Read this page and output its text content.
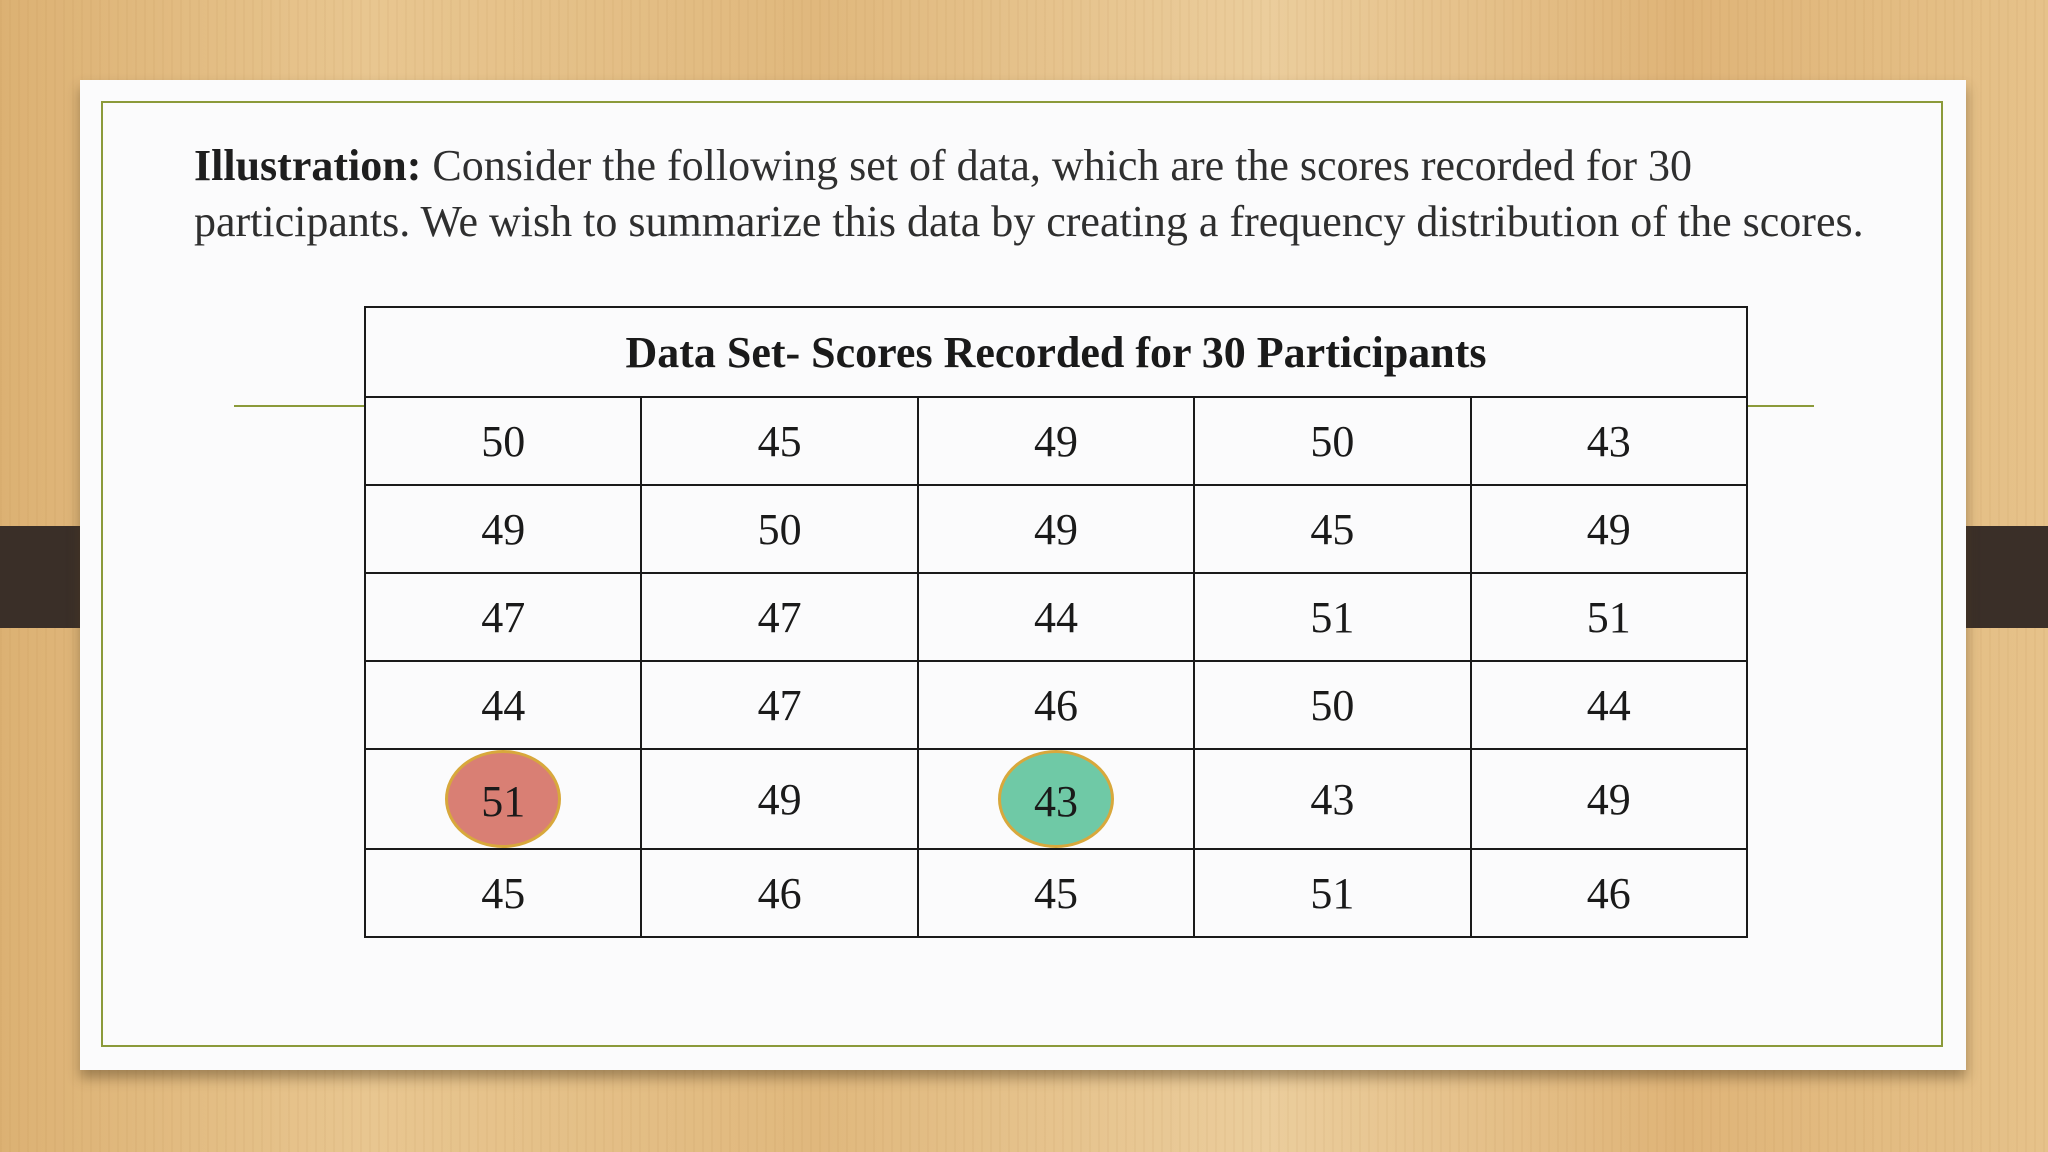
Illustration: Consider the following set of data, which are the scores recorded for 30 participants. We wish to summarize this data by creating a frequency distribution of the scores.
Data Set- Scores Recorded for 30 Participants				
50	45	49	50	43
49	50	49	45	49
47	47	44	51	51
44	47	46	50	44
51	49	43	43	49
45	46	45	51	46
